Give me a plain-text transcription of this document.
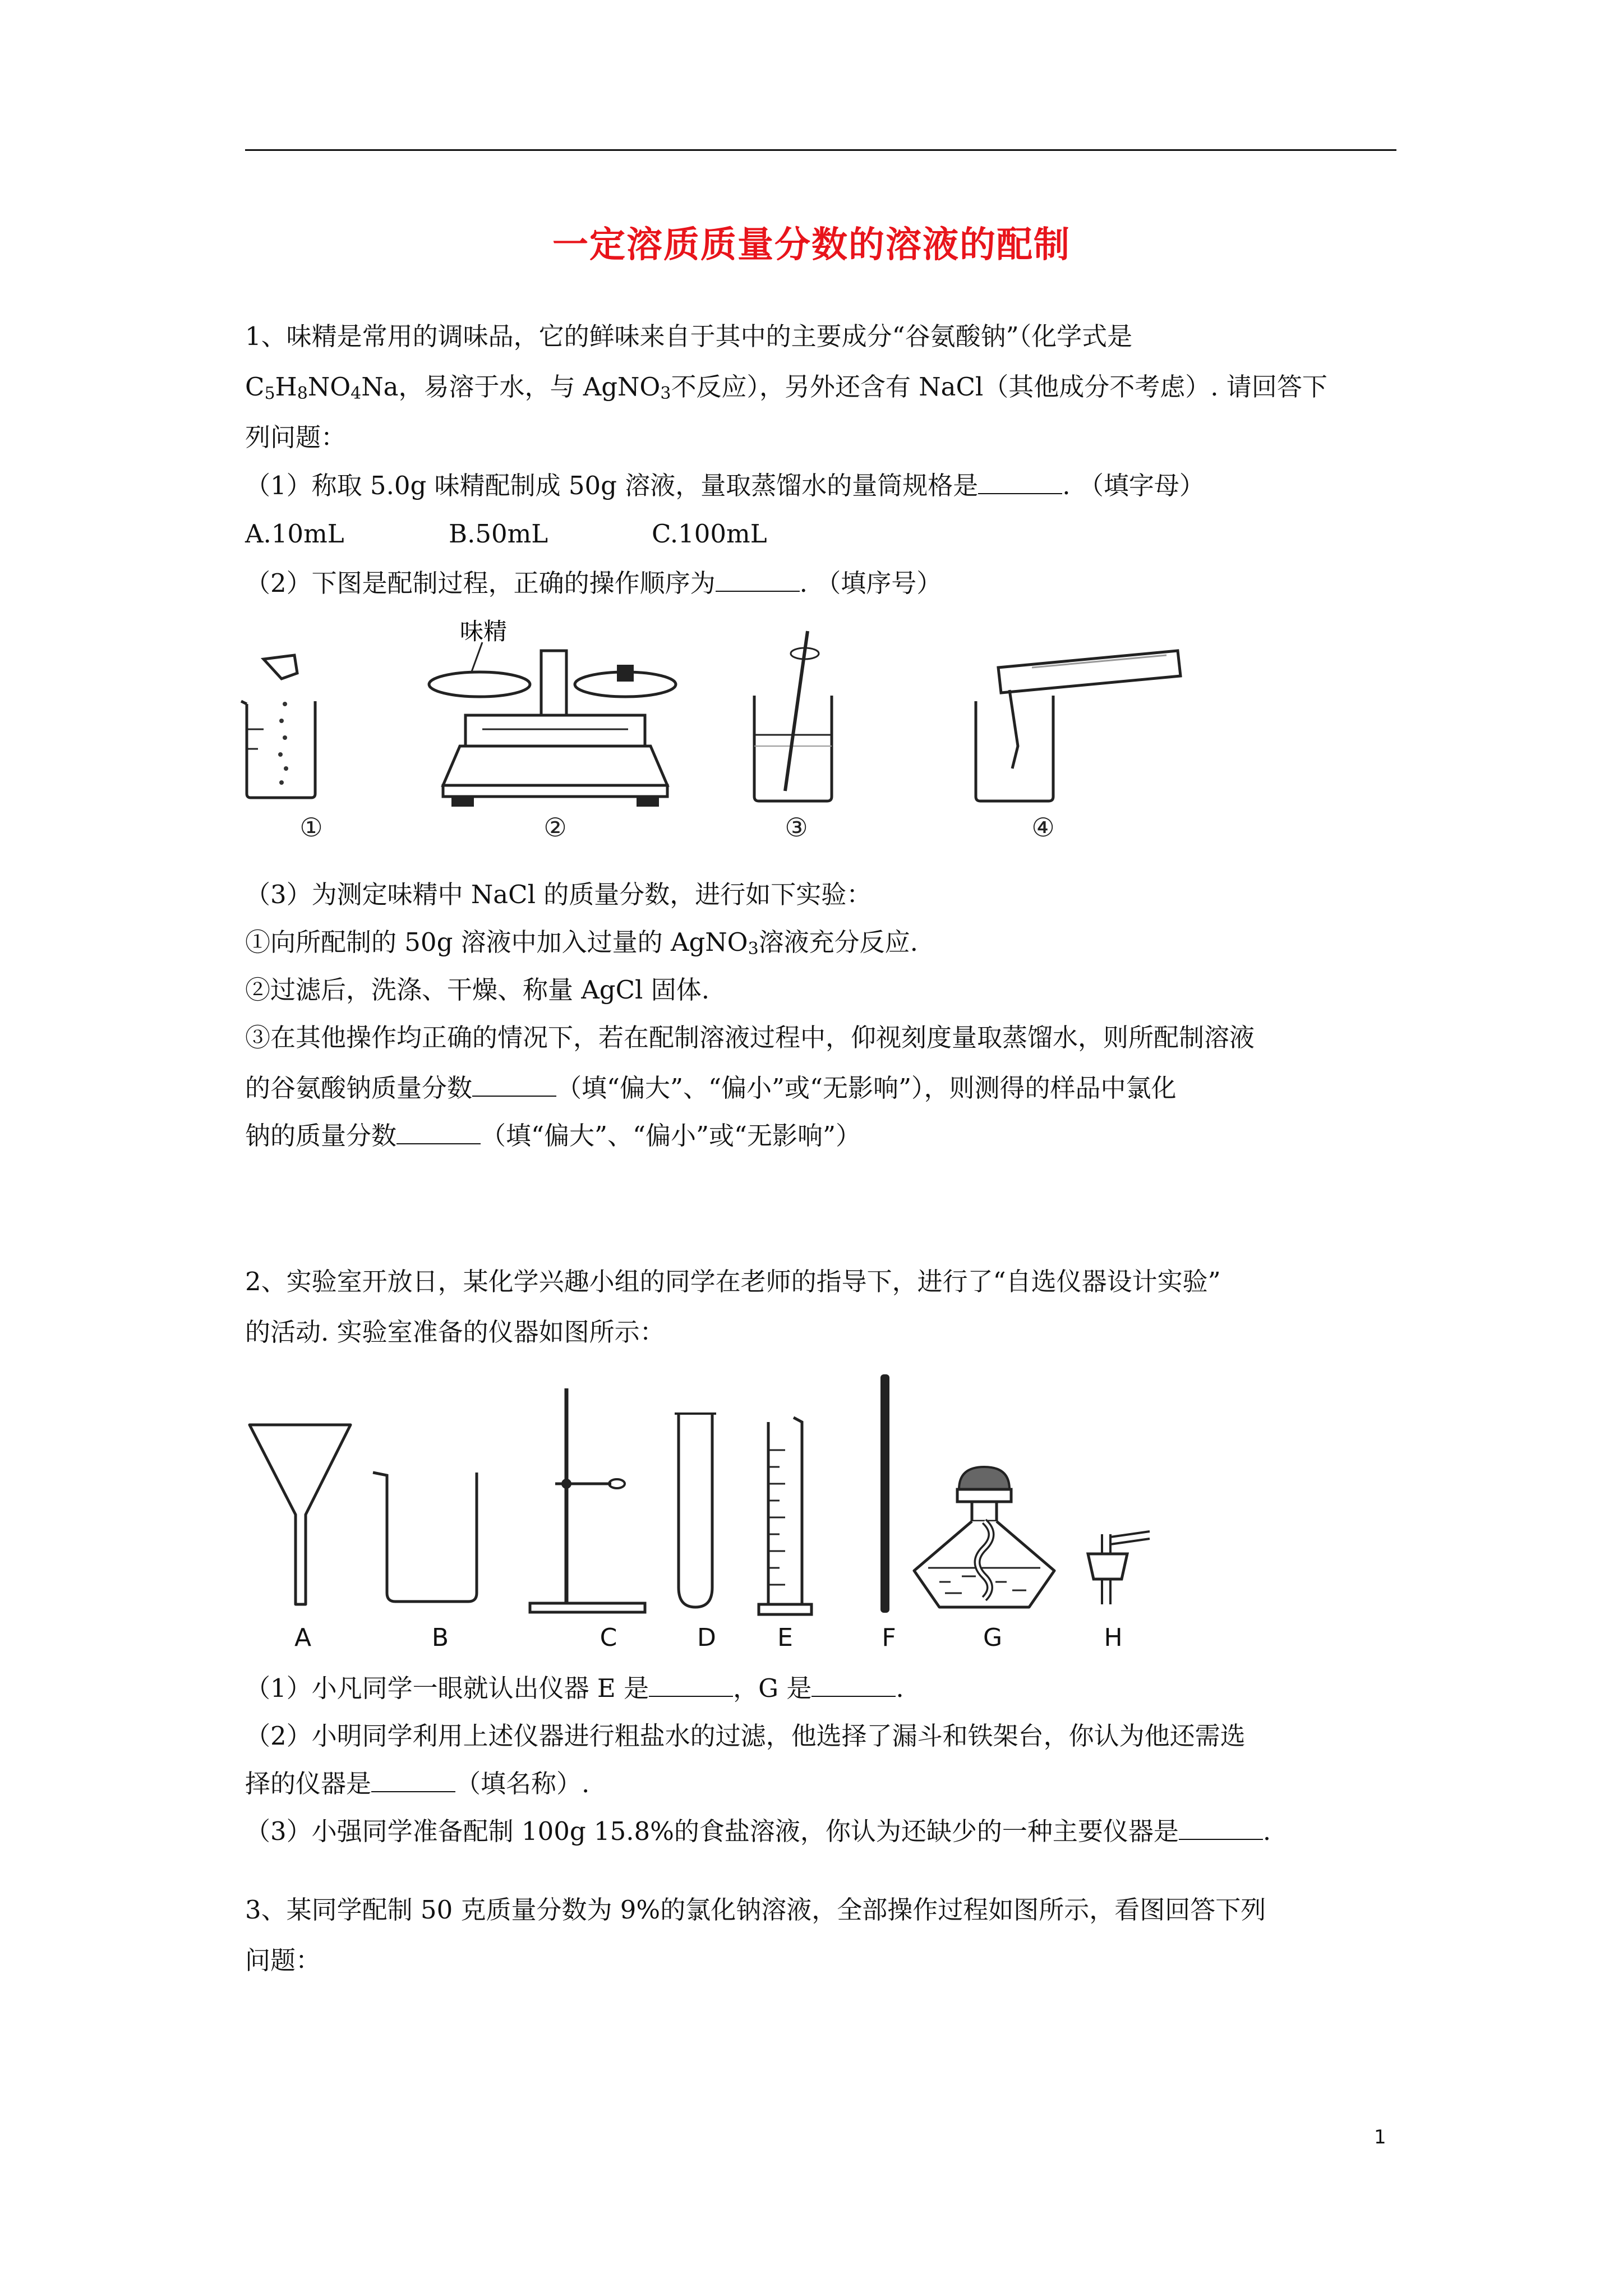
一定溶质质量分数的溶液的配制
1、味精是常用的调味品，它的鲜味来自于其中的主要成分“谷氨酸钠”（化学式是
$C_5H_8NO_4Na$，易溶于水，与 AgNO$_3$不反应），另外还含有 NaCl（其他成分不考虑）. 请回答下
列问题：
（1）称取 5.0g 味精配制成 50g 溶液，量取蒸馏水的量筒规格是	. （填字母）
A.10mL	B.50mL	C.100mL
（2）下图是配制过程，正确的操作顺序为	. （填序号）
味精
①	②	③	④
（3）为测定味精中 NaCl 的质量分数，进行如下实验：
①向所配制的 50g 溶液中加入过量的 AgNO$_3$溶液充分反应.
②过滤后，洗涤、干燥、称量 AgCl 固体.
③在其他操作均正确的情况下，若在配制溶液过程中，仰视刻度量取蒸馏水，则所配制溶液
的谷氨酸钠质量分数	（填“偏大”、“偏小”或“无影响”），则测得的样品中氯化
钠的质量分数	（填“偏大”、“偏小”或“无影响”）
2、实验室开放日，某化学兴趣小组的同学在老师的指导下，进行了“自选仪器设计实验”
的活动. 实验室准备的仪器如图所示：
A	B	C	D	E	F	G	H
（1）小凡同学一眼就认出仪器 E 是	，G 是	.
（2）小明同学利用上述仪器进行粗盐水的过滤，他选择了漏斗和铁架台，你认为他还需选
择的仪器是	（填名称）.
（3）小强同学准备配制 100g 15.8%的食盐溶液，你认为还缺少的一种主要仪器是	.
3、某同学配制 50 克质量分数为 9%的氯化钠溶液，全部操作过程如图所示，看图回答下列
问题：
1
